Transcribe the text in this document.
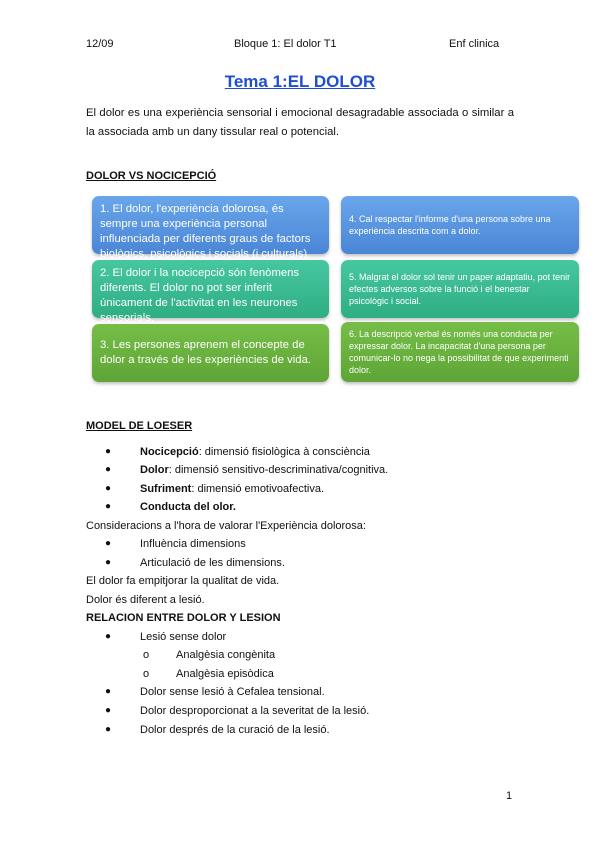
12/09	Bloque 1: El dolor T1	Enf clinica
Tema 1:EL DOLOR
El dolor es una experiència sensorial i emocional desagradable associada o similar a la associada amb un dany tissular real o potencial.
DOLOR VS NOCICEPCIÓ
1. El dolor, l'experiència dolorosa, és sempre una experiència personal influenciada per diferents graus de factors biològics, psicològics i socials (i culturals).
2. El dolor i la nocicepció són fenòmens diferents. El dolor no pot ser inferit únicament de l'activitat en les neurones sensorials.
3. Les persones aprenem el concepte de dolor a través de les experiències de vida.
4. Cal respectar l'informe d'una persona sobre una experiència descrita com a dolor.
5. Malgrat el dolor sol tenir un paper adaptatiu, pot tenir efectes adversos sobre la funció i el benestar psicològic i social.
6. La descripció verbal és només una conducta per expressar dolor. La incapacitat d'una persona per comunicar-lo no nega la possibilitat de que experimenti dolor.
MODEL DE LOESER
●	Nocicepció: dimensió fisiològica à consciència
●	Dolor: dimensió sensitivo-descriminativa/cognitiva.
●	Sufriment: dimensió emotivoafectiva.
●	Conducta del olor.
Consideracions a l'hora de valorar l'Experiència dolorosa:
●	Influència dimensions
●	Articulació de les dimensions.
El dolor fa empitjorar la qualitat de vida.
Dolor és diferent a lesió.
RELACION ENTRE DOLOR Y LESION
●	Lesió sense dolor
o Analgèsia congènita
o Analgèsia episòdica
●	Dolor sense lesió à Cefalea tensional.
●	Dolor desproporcionat a la severitat de la lesió.
●	Dolor després de la curació de la lesió.
1
